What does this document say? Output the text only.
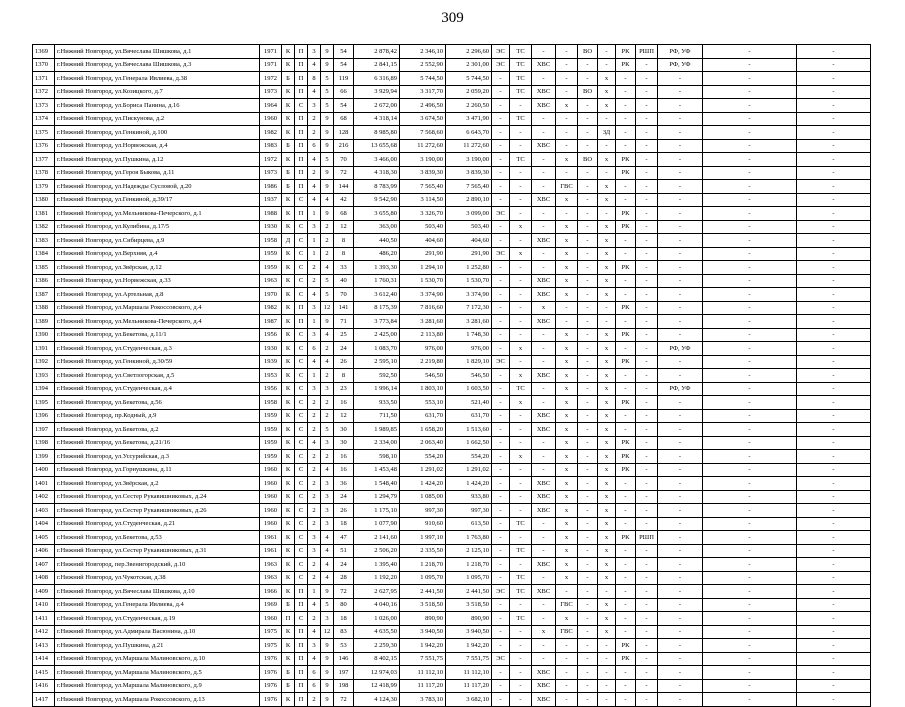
309
1369	г.Нижний Новгород, ул.Вячеслава Шишкова, д.1	1971	К	П	3	9	54	2 878,42	2 346,10	2 296,60	ЭС	ТС	-	-	ВО	-	РК	РШП	РФ, УФ	-	-
1370	г.Нижний Новгород, ул.Вячеслава Шишкова, д.3	1971	К	П	4	9	54	2 841,15	2 552,90	2 301,00	ЭС	ТС	ХВС	-	-	-	РК	-	РФ, УФ	-	-
1371	г.Нижний Новгород, ул.Генерала Ивлиева, д.38	1972	Б	П	8	5	119	6 316,89	5 744,50	5 744,50	-	ТС	-	-	-	х	-	-	-	-	-
1372	г.Нижний Новгород, ул.Козицкого, д.7	1973	К	П	4	5	66	3 929,94	3 317,70	2 059,20	-	ТС	ХВС	-	ВО	х	-	-	-	-	-
1373	г.Нижний Новгород, ул.Бориса Панина, д.16	1964	К	С	3	5	54	2 672,00	2 496,50	2 260,50	-	-	ХВС	х	-	х	-	-	-	-	-
1374	г.Нижний Новгород, ул.Пискунова, д.2	1960	К	П	2	9	68	4 318,14	3 674,50	3 471,90	-	ТС	-	-	-	-	-	-	-	-	-
1375	г.Нижний Новгород, ул.Генкиной, д.100	1982	К	П	2	9	128	8 985,80	7 568,60	6 643,70	-	-	-	-	-	ЗД	-	-	-	-	-
1376	г.Нижний Новгород, ул.Норвежская, д.4	1983	Б	П	6	9	216	13 655,68	11 272,60	11 272,60	-	-	ХВС	-	-	-	-	-	-	-	-
1377	г.Нижний Новгород, ул.Пушкина, д.12	1972	К	П	4	5	70	3 466,00	3 190,00	3 190,00	-	ТС	-	х	ВО	х	РК	-	-	-	-
1378	г.Нижний Новгород, ул.Героя Быкова, д.11	1973	Б	П	2	9	72	4 318,30	3 839,30	3 839,30	-	-	-	-	-	-	РК	-	-	-	-
1379	г.Нижний Новгород, ул.Надежды Сусловой, д.20	1986	Б	П	4	9	144	8 783,99	7 565,40	7 565,40	-	-	-	ГВС	-	х	-	-	-	-	-
1380	г.Нижний Новгород, ул.Генкиной, д.39/17	1937	К	С	4	4	42	9 542,90	3 114,50	2 890,10	-	-	ХВС	х	-	х	-	-	-	-	-
1381	г.Нижний Новгород, ул.Мельникова-Печерского, д.1	1988	К	П	1	9	68	3 655,80	3 326,70	3 099,00	ЭС	-	-	-	-	-	РК	-	-	-	-
1382	г.Нижний Новгород, ул.Кулибина, д.17/5	1930	К	С	3	2	12	363,00	503,40	503,40	-	х	-	х	-	х	РК	-	-	-	-
1383	г.Нижний Новгород, ул.Сибирцева, д.9	1958	Д	С	1	2	8	440,50	404,60	404,60	-	-	ХВС	х	-	х	-	-	-	-	-
1384	г.Нижний Новгород, ул.Верхняя, д.4	1959	К	С	1	2	8	486,20	291,90	291,90	ЭС	х	-	х	-	х	-	-	-	-	-
1385	г.Нижний Новгород, ул.Звёрская, д.12	1959	К	С	2	4	33	1 393,30	1 294,10	1 252,80	-	-	-	х	-	х	РК	-	-	-	-
1386	г.Нижний Новгород, ул.Норвежская, д.33	1963	К	С	2	5	40	1 760,31	1 530,70	1 530,70	-	-	ХВС	х	-	х	-	-	-	-	-
1387	г.Нижний Новгород, ул.Артельная, д.8	1970	К	С	4	5	70	3 612,40	3 374,90	3 374,90	-	-	ХВС	х	-	х	-	-	-	-	-
1388	г.Нижний Новгород, ул.Маршала Рокоссовского, д.4	1982	К	П	3	12	141	8 175,39	7 816,60	7 172,30	-	-	х	-	-	-	РК	-	-	-	-
1389	г.Нижний Новгород, ул.Мельникова-Печерского, д.4	1987	К	П	1	9	71	3 773,84	3 281,60	3 281,60	-	-	ХВС	-	-	-	-	-	-	-	-
1390	г.Нижний Новгород, ул.Бекетова, д.11/1	1956	К	С	3	4	25	2 425,00	2 113,80	1 748,30	-	-	-	х	-	х	РК	-	-	-	-
1391	г.Нижний Новгород, ул.Студенческая, д.3	1930	К	С	6	2	24	1 083,70	976,00	976,00	-	х	-	х	-	х	-	-	РФ, УФ	-	-
1392	г.Нижний Новгород, ул.Генкиной, д.30/59	1939	К	С	4	4	26	2 595,10	2 219,80	1 829,10	ЭС	-	-	х	-	х	РК	-	-	-	-
1393	г.Нижний Новгород, ул.Светлогорская, д.5	1953	К	С	1	2	8	592,50	546,50	546,50	-	х	ХВС	х	-	х	-	-	-	-	-
1394	г.Нижний Новгород, ул.Студенческая, д.4	1956	К	С	3	3	23	1 996,14	1 803,10	1 603,50	-	ТС	-	х	-	х	-	-	РФ, УФ	-	-
1395	г.Нижний Новгород, ул.Бекетова, д.56	1958	К	С	2	2	16	933,50	553,10	521,40	-	х	-	х	-	х	РК	-	-	-	-
1396	г.Нижний Новгород, пр.Кодный, д.9	1959	К	С	2	2	12	711,50	631,70	631,70	-	-	ХВС	х	-	х	-	-	-	-	-
1397	г.Нижний Новгород, ул.Бекетова, д.2	1959	К	С	2	5	30	1 989,85	1 658,20	1 513,60	-	-	ХВС	х	-	х	-	-	-	-	-
1398	г.Нижний Новгород, ул.Бекетова, д.21/16	1959	К	С	4	3	30	2 334,00	2 063,40	1 662,50	-	-	-	х	-	х	РК	-	-	-	-
1399	г.Нижний Новгород, ул.Уссурийская, д.3	1959	К	С	2	2	16	598,10	554,20	554,20	-	х	-	х	-	х	РК	-	-	-	-
1400	г.Нижний Новгород, ул.Горнушкина, д.11	1960	К	С	2	4	16	1 453,48	1 291,02	1 291,02	-	-	-	х	-	х	РК	-	-	-	-
1401	г.Нижний Новгород, ул.Звёрская, д.2	1960	К	С	2	3	36	1 548,40	1 424,20	1 424,20	-	-	ХВС	х	-	х	-	-	-	-	-
1402	г.Нижний Новгород, ул.Сестер Рукавишниковых, д.24	1960	К	С	2	3	24	1 294,79	1 085,00	933,80	-	-	ХВС	х	-	х	-	-	-	-	-
1403	г.Нижний Новгород, ул.Сестер Рукавишниковых, д.26	1960	К	С	2	3	26	1 175,10	997,30	997,30	-	-	ХВС	х	-	х	-	-	-	-	-
1404	г.Нижний Новгород, ул.Студенческая, д.21	1960	К	С	2	3	18	1 077,90	910,60	613,50	-	ТС	-	х	-	х	-	-	-	-	-
1405	г.Нижний Новгород, ул.Бекетова, д.53	1961	К	С	3	4	47	2 141,60	1 997,10	1 763,80	-	-	-	х	-	х	РК	РШП	-	-	-
1406	г.Нижний Новгород, ул.Сестер Рукавишниковых, д.31	1961	К	С	3	4	51	2 506,20	2 335,50	2 125,10	-	ТС	-	х	-	х	-	-	-	-	-
1407	г.Нижний Новгород, пер.Звенигородский, д.10	1963	К	С	2	4	24	1 395,40	1 218,70	1 218,70	-	-	ХВС	х	-	х	-	-	-	-	-
1408	г.Нижний Новгород, ул.Чукотская, д.38	1963	К	С	2	4	28	1 192,20	1 095,70	1 095,70	-	ТС	-	х	-	х	-	-	-	-	-
1409	г.Нижний Новгород, ул.Вячеслава Шишкова, д.10	1966	К	П	1	9	72	2 627,95	2 441,50	2 441,50	ЭС	ТС	ХВС	-	-	-	-	-	-	-	-
1410	г.Нижний Новгород, ул.Генерала Ивлиева, д.4	1969	Б	П	4	5	80	4 040,16	3 518,50	3 518,50	-	-	-	ГВС	-	х	-	-	-	-	-
1411	г.Нижний Новгород, ул.Студенческая, д.19	1960	П	С	2	3	18	1 026,00	890,90	890,90	-	ТС	-	х	-	х	-	-	-	-	-
1412	г.Нижний Новгород, ул.Адмирала Васюнина, д.10	1975	К	П	4	12	83	4 635,50	3 940,50	3 940,50	-	-	х	ГВС	-	х	-	-	-	-	-
1413	г.Нижний Новгород, ул.Пушкина, д.21	1975	К	П	3	9	53	2 259,30	1 942,20	1 942,20	-	-	-	-	-	-	РК	-	-	-	-
1414	г.Нижний Новгород, ул.Маршала Малиновского, д.10	1976	К	П	4	9	146	8 402,15	7 551,75	7 551,75	ЭС	-	-	-	-	-	РК	-	-	-	-
1415	г.Нижний Новгород, ул.Маршала Малиновского, д.5	1976	Б	П	6	9	197	12 974,03	11 112,10	11 112,10	-	-	ХВС	-	-	-	-	-	-	-	-
1416	г.Нижний Новгород, ул.Маршала Малиновского, д.9	1976	Б	П	6	9	198	12 418,99	11 117,20	11 117,20	-	-	ХВС	-	-	-	-	-	-	-	-
1417	г.Нижний Новгород, ул.Маршала Рокоссовского, д.13	1976	К	П	2	9	72	4 124,30	3 783,10	3 682,10	-	-	ХВС	-	-	-	-	-	-	-	-
